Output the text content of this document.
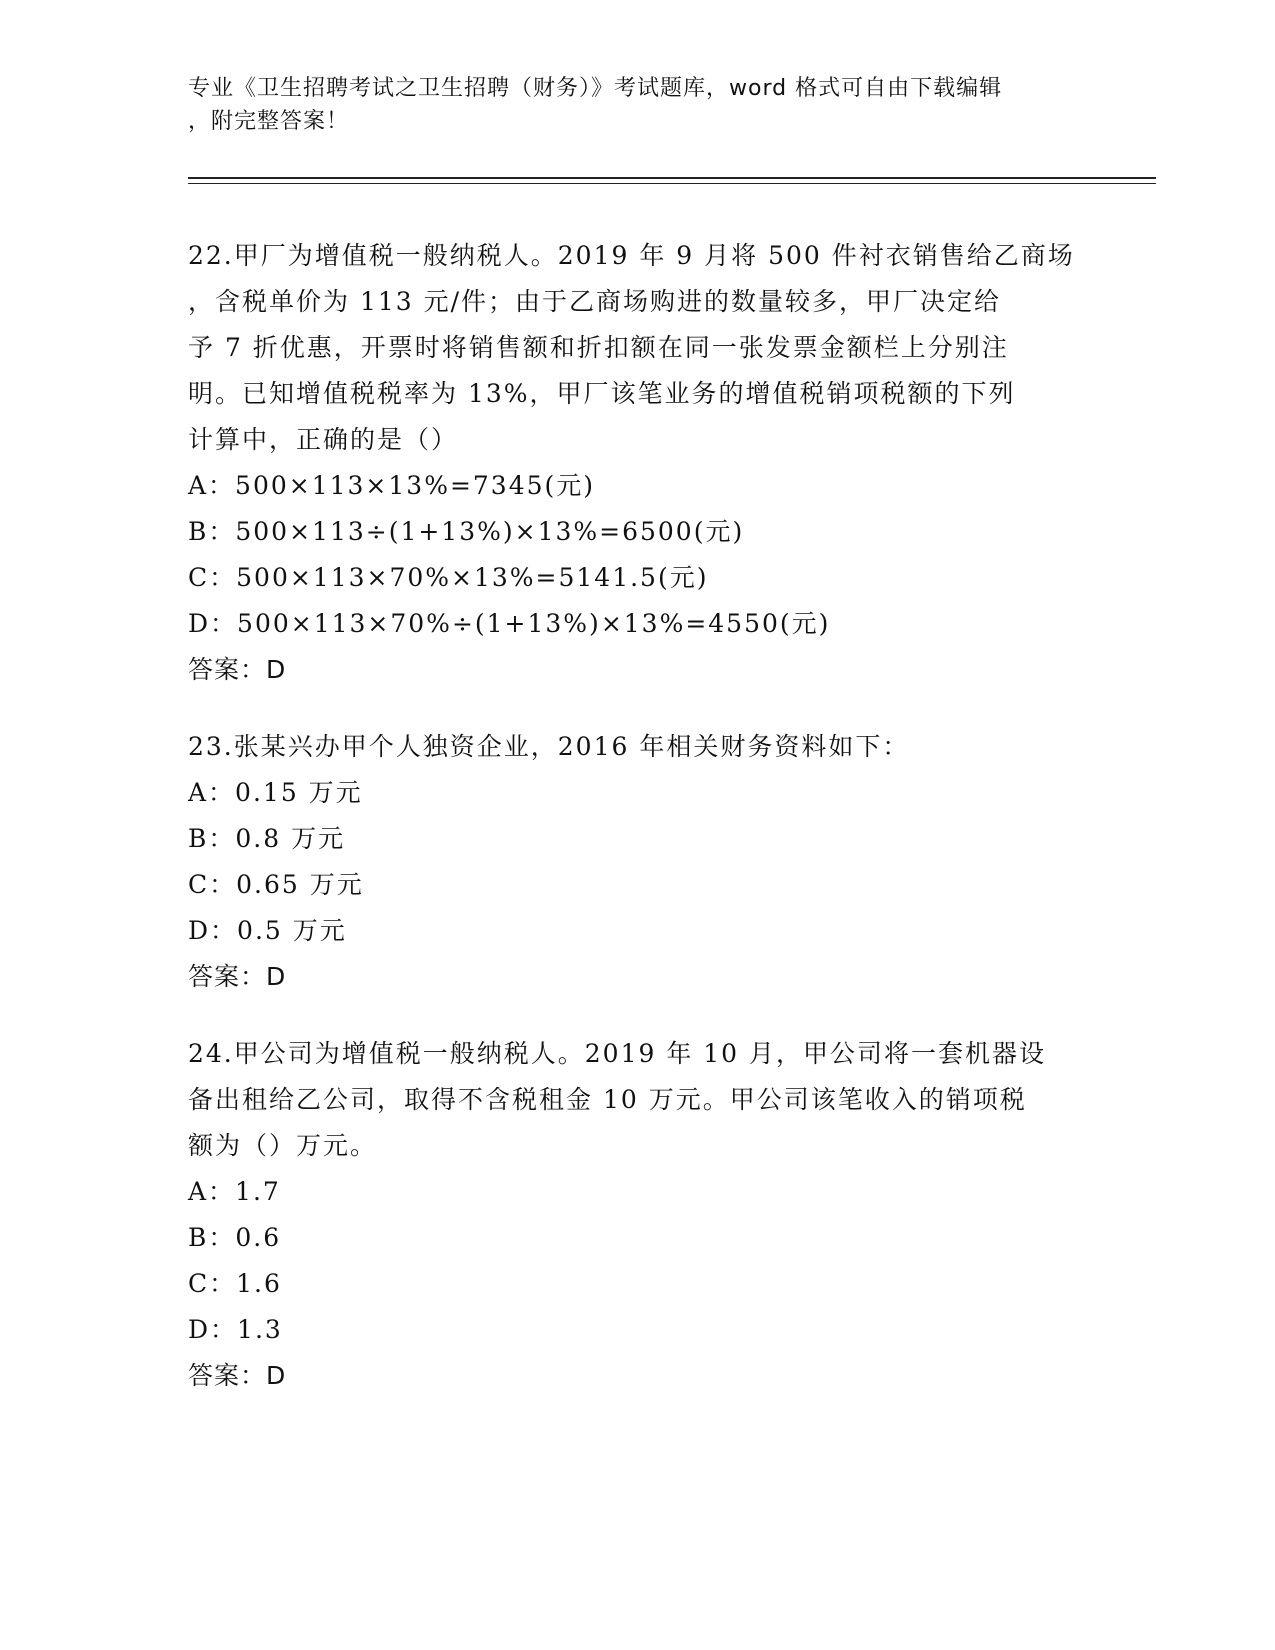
专业《卫生招聘考试之卫生招聘（财务）》考试题库，word 格式可自由下载编辑
，附完整答案！
22.甲厂为增值税一般纳税人。2019 年 9 月将 500 件衬衣销售给乙商场
，含税单价为 113 元/件；由于乙商场购进的数量较多，甲厂决定给
予 7 折优惠，开票时将销售额和折扣额在同一张发票金额栏上分别注
明。已知增值税税率为 13%，甲厂该笔业务的增值税销项税额的下列
计算中，正确的是（）
A：500×113×13%=7345(元)
B：500×113÷(1+13%)×13%=6500(元)
C：500×113×70%×13%=5141.5(元)
D：500×113×70%÷(1+13%)×13%=4550(元)
答案：D
23.张某兴办甲个人独资企业，2016 年相关财务资料如下：
A：0.15 万元
B：0.8 万元
C：0.65 万元
D：0.5 万元
答案：D
24.甲公司为增值税一般纳税人。2019 年 10 月，甲公司将一套机器设
备出租给乙公司，取得不含税租金 10 万元。甲公司该笔收入的销项税
额为（）万元。
A：1.7
B：0.6
C：1.6
D：1.3
答案：D
